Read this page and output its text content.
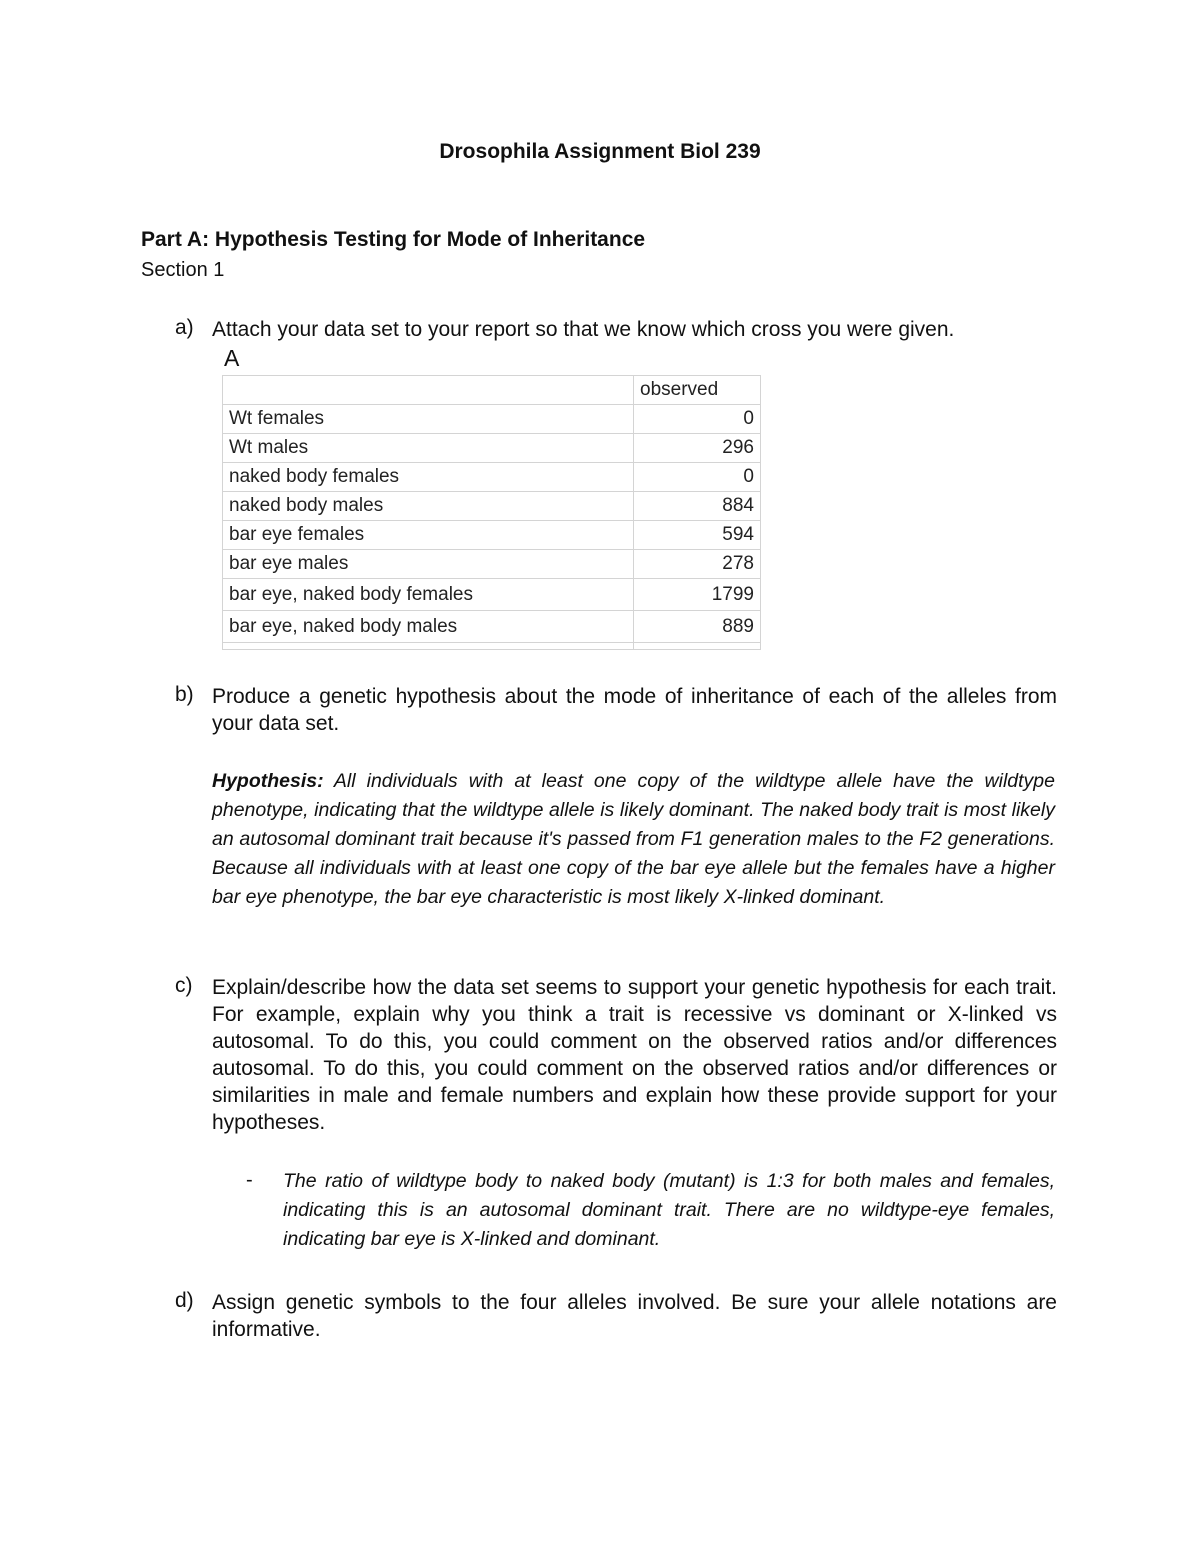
Drosophila Assignment Biol 239
Part A: Hypothesis Testing for Mode of Inheritance
Section 1
a) Attach your data set to your report so that we know which cross you were given.
A
	observed
Wt females	0
Wt males	296
naked body females	0
naked body males	884
bar eye females	594
bar eye males	278
bar eye, naked body females	1799
bar eye, naked body males	889

b) Produce a genetic hypothesis about the mode of inheritance of each of the alleles from your data set.
Hypothesis: All individuals with at least one copy of the wildtype allele have the wildtype phenotype, indicating that the wildtype allele is likely dominant. The naked body trait is most likely an autosomal dominant trait because it's passed from F1 generation males to the F2 generations. Because all individuals with at least one copy of the bar eye allele but the females have a higher bar eye phenotype, the bar eye characteristic is most likely X-linked dominant.
c) Explain/describe how the data set seems to support your genetic hypothesis for each trait. For example, explain why you think a trait is recessive vs dominant or X-linked vs autosomal. To do this, you could comment on the observed ratios and/or differences autosomal. To do this, you could comment on the observed ratios and/or differences or similarities in male and female numbers and explain how these provide support for your hypotheses.
- The ratio of wildtype body to naked body (mutant) is 1:3 for both males and females, indicating this is an autosomal dominant trait. There are no wildtype-eye females, indicating bar eye is X-linked and dominant.
d) Assign genetic symbols to the four alleles involved. Be sure your allele notations are informative.
